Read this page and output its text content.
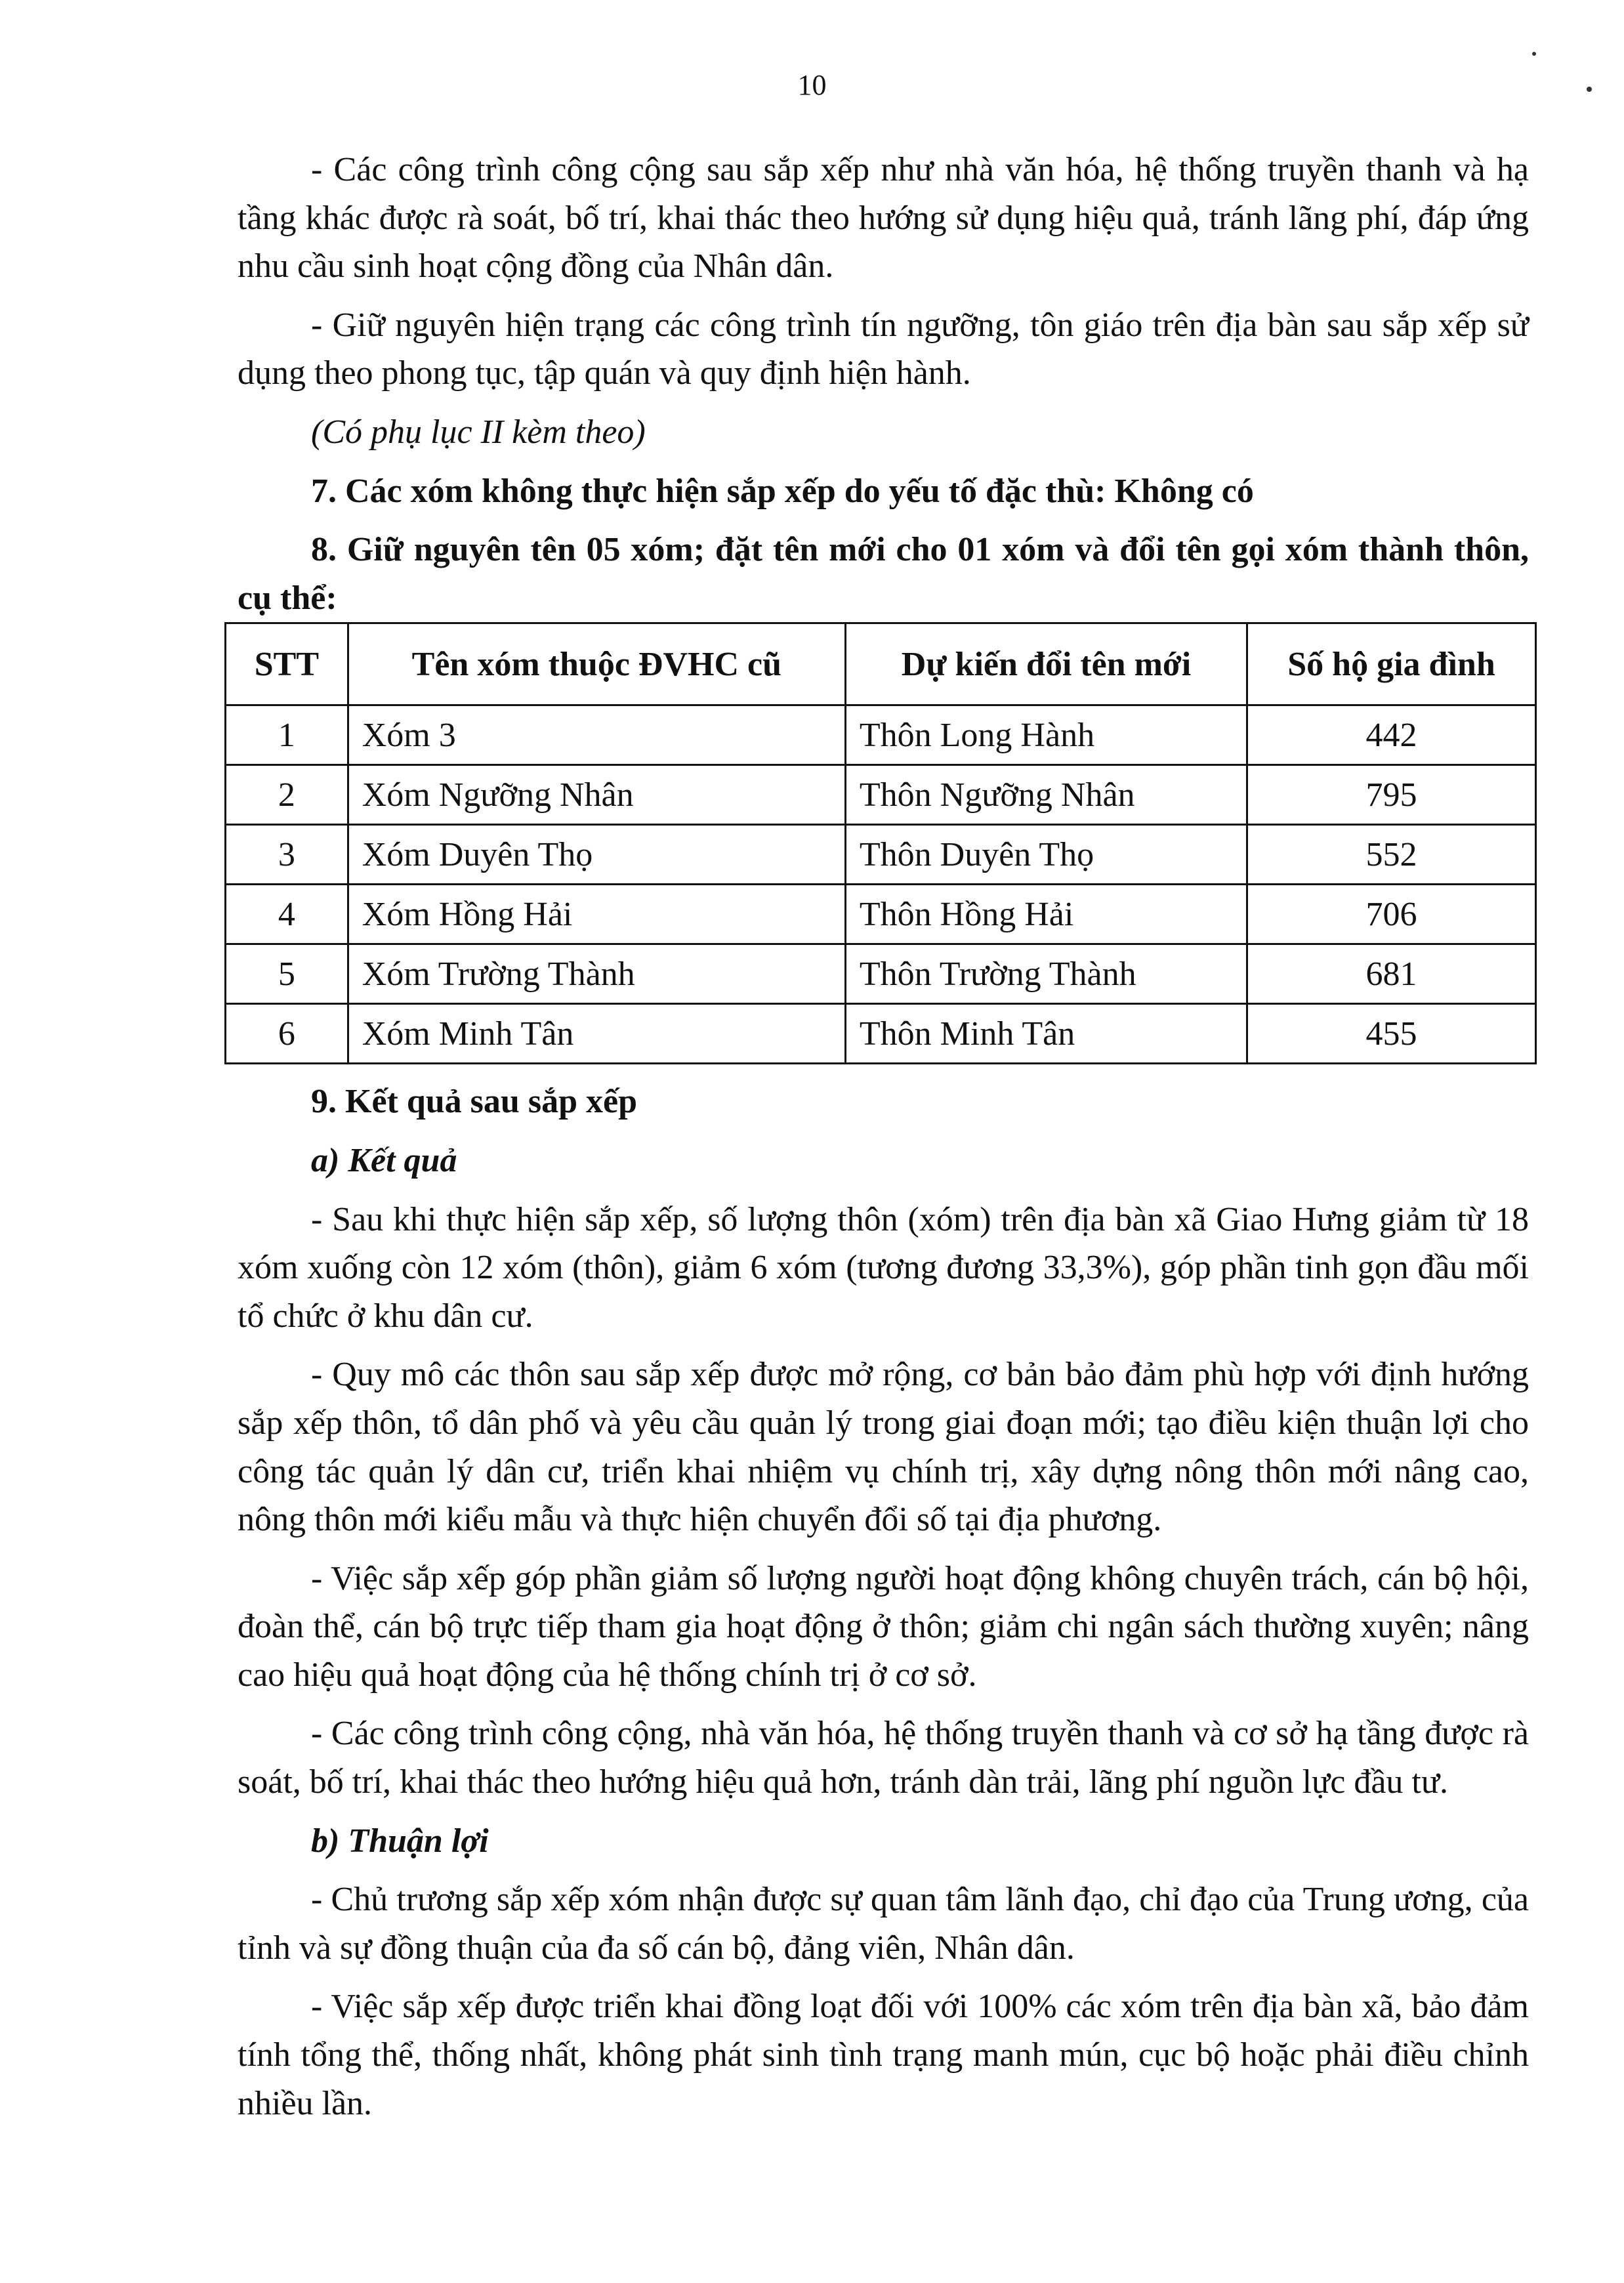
10

- Các công trình công cộng sau sắp xếp như nhà văn hóa, hệ thống truyền thanh và hạ tầng khác được rà soát, bố trí, khai thác theo hướng sử dụng hiệu quả, tránh lãng phí, đáp ứng nhu cầu sinh hoạt cộng đồng của Nhân dân.

- Giữ nguyên hiện trạng các công trình tín ngưỡng, tôn giáo trên địa bàn sau sắp xếp sử dụng theo phong tục, tập quán và quy định hiện hành.

(Có phụ lục II kèm theo)

7. Các xóm không thực hiện sắp xếp do yếu tố đặc thù: Không có

8. Giữ nguyên tên 05 xóm; đặt tên mới cho 01 xóm và đổi tên gọi xóm thành thôn, cụ thể:

STT	Tên xóm thuộc ĐVHC cũ	Dự kiến đổi tên mới	Số hộ gia đình
1	Xóm 3	Thôn Long Hành	442
2	Xóm Ngưỡng Nhân	Thôn Ngưỡng Nhân	795
3	Xóm Duyên Thọ	Thôn Duyên Thọ	552
4	Xóm Hồng Hải	Thôn Hồng Hải	706
5	Xóm Trường Thành	Thôn Trường Thành	681
6	Xóm Minh Tân	Thôn Minh Tân	455

9. Kết quả sau sắp xếp

a) Kết quả

- Sau khi thực hiện sắp xếp, số lượng thôn (xóm) trên địa bàn xã Giao Hưng giảm từ 18 xóm xuống còn 12 xóm (thôn), giảm 6 xóm (tương đương 33,3%), góp phần tinh gọn đầu mối tổ chức ở khu dân cư.

- Quy mô các thôn sau sắp xếp được mở rộng, cơ bản bảo đảm phù hợp với định hướng sắp xếp thôn, tổ dân phố và yêu cầu quản lý trong giai đoạn mới; tạo điều kiện thuận lợi cho công tác quản lý dân cư, triển khai nhiệm vụ chính trị, xây dựng nông thôn mới nâng cao, nông thôn mới kiểu mẫu và thực hiện chuyển đổi số tại địa phương.

- Việc sắp xếp góp phần giảm số lượng người hoạt động không chuyên trách, cán bộ hội, đoàn thể, cán bộ trực tiếp tham gia hoạt động ở thôn; giảm chi ngân sách thường xuyên; nâng cao hiệu quả hoạt động của hệ thống chính trị ở cơ sở.

- Các công trình công cộng, nhà văn hóa, hệ thống truyền thanh và cơ sở hạ tầng được rà soát, bố trí, khai thác theo hướng hiệu quả hơn, tránh dàn trải, lãng phí nguồn lực đầu tư.

b) Thuận lợi

- Chủ trương sắp xếp xóm nhận được sự quan tâm lãnh đạo, chỉ đạo của Trung ương, của tỉnh và sự đồng thuận của đa số cán bộ, đảng viên, Nhân dân.

- Việc sắp xếp được triển khai đồng loạt đối với 100% các xóm trên địa bàn xã, bảo đảm tính tổng thể, thống nhất, không phát sinh tình trạng manh mún, cục bộ hoặc phải điều chỉnh nhiều lần.
